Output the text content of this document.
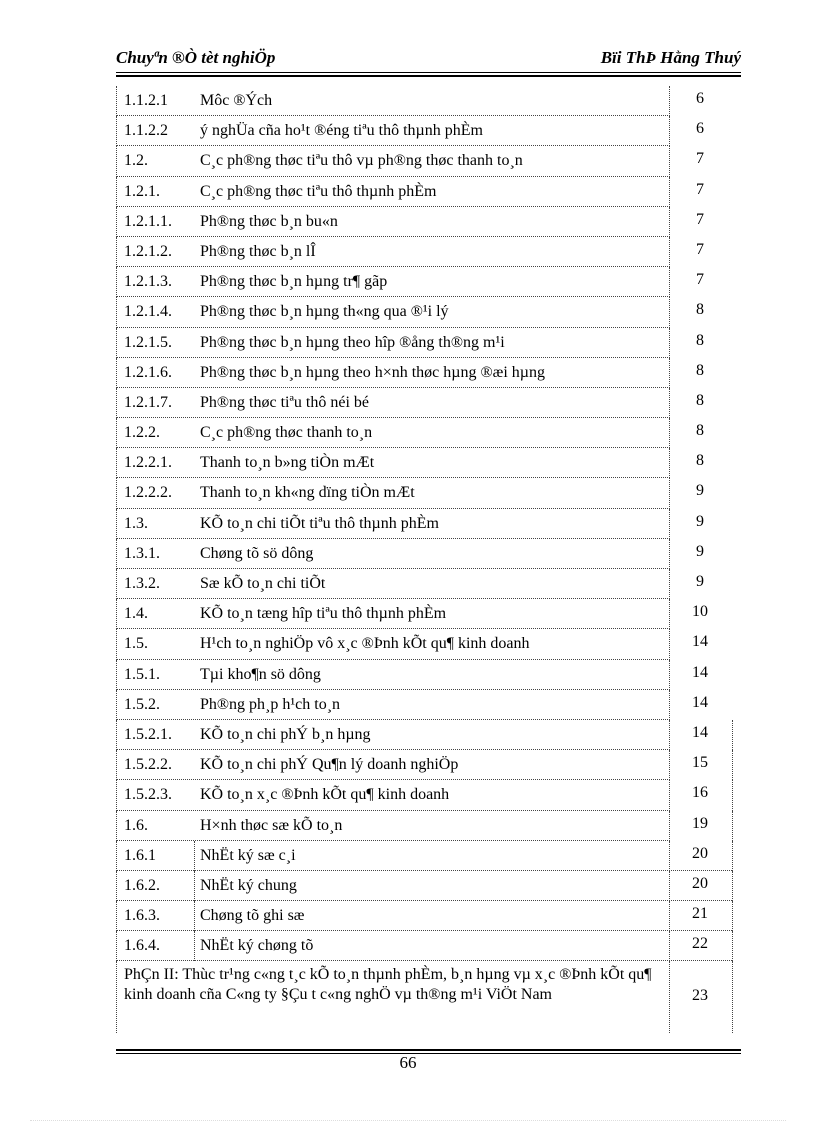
Chuyªn ®Ò tèt nghiÖp	Bïi ThÞ Hằng Thuý
1.1.2.1 Môc ®Ých	6
1.1.2.2 ý nghÜa cña ho¹t ®éng tiªu thô thµnh phÈm	6
1.2.	C¸c ph®ng thøc tiªu thô vµ ph®ng thøc thanh to¸n	7
1.2.1.	C¸c ph®ng thøc tiªu thô thµnh phÈm	7
1.2.1.1. Ph®ng thøc b¸n bu«n	7
1.2.1.2. Ph®ng thøc b¸n lÎ	7
1.2.1.3. Ph®ng thøc b¸n hµng tr¶ gãp	7
1.2.1.4. Ph®ng thøc b¸n hµng th«ng qua ®¹i lý	8
1.2.1.5. Ph®ng thøc b¸n hµng theo hîp ®ång th®ng m¹i	8
1.2.1.6. Ph®ng thøc b¸n hµng theo h×nh thøc hµng ®æi hµng	8
1.2.1.7. Ph®ng thøc tiªu thô néi bé	8
1.2.2.	C¸c ph®ng thøc thanh to¸n	8
1.2.2.1. Thanh to¸n b»ng tiÒn mÆt	8
1.2.2.2. Thanh to¸n kh«ng dïng tiÒn mÆt	9
1.3.	KÕ to¸n chi tiÕt tiªu thô thµnh phÈm	9
1.3.1.	Chøng tõ sö dông	9
1.3.2.	Sæ kÕ to¸n chi tiÕt	9
1.4.	KÕ to¸n tæng hîp tiªu thô thµnh phÈm	10
1.5.	H¹ch to¸n nghiÖp vô x¸c ®Þnh kÕt qu¶ kinh doanh	14
1.5.1.	Tµi kho¶n sö dông	14
1.5.2.	Ph®ng ph¸p h¹ch to¸n	14
1.5.2.1. KÕ to¸n chi phÝ b¸n hµng	14
1.5.2.2. KÕ to¸n chi phÝ Qu¶n lý doanh nghiÖp	15
1.5.2.3. KÕ to¸n x¸c ®Þnh kÕt qu¶ kinh doanh	16
1.6.	H×nh thøc sæ kÕ to¸n	19
1.6.1	NhËt ký sæ c¸i	20
1.6.2.	NhËt ký chung	20
1.6.3.	Chøng tõ ghi sæ	21
1.6.4.	NhËt ký chøng tõ	22
PhÇn II: Thùc tr¹ng c«ng t¸c kÕ to¸n thµnh phÈm, b¸n hµng vµ x¸c ®Þnh kÕt qu¶ kinh doanh cña C«ng ty §Çu t c«ng nghÖ vµ th®ng m¹i ViÖt Nam	23
66
